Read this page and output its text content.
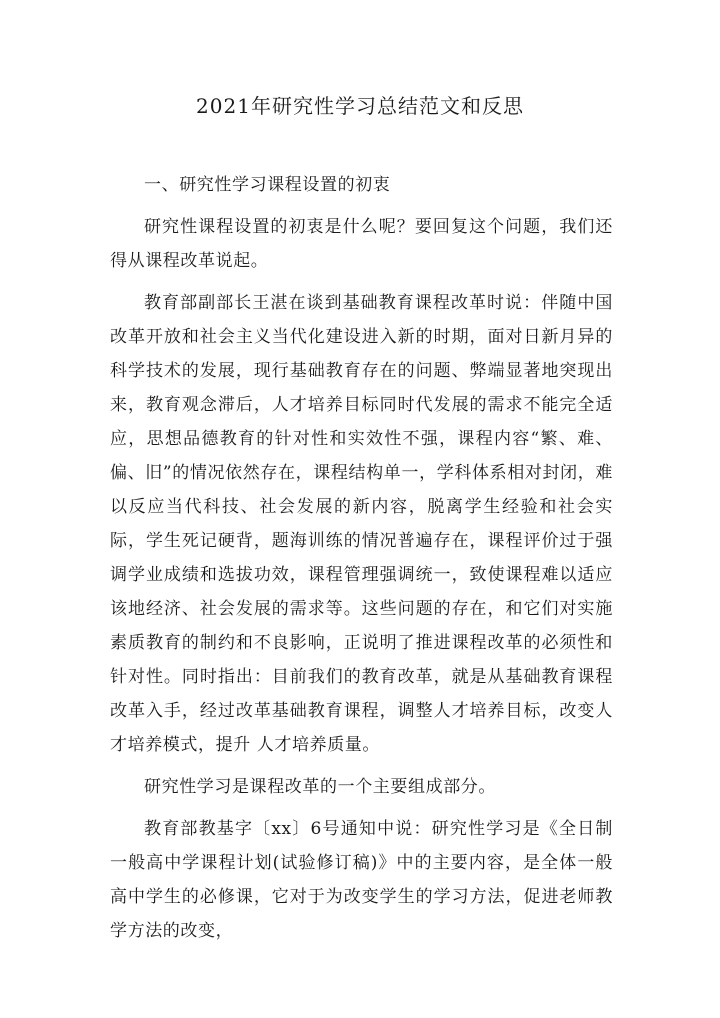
2021年研究性学习总结范文和反思

一、研究性学习课程设置的初衷

研究性课程设置的初衷是什么呢？要回复这个问题，我们还得从课程改革说起。

教育部副部长王湛在谈到基础教育课程改革时说：伴随中国改革开放和社会主义当代化建设进入新的时期，面对日新月异的科学技术的发展，现行基础教育存在的问题、弊端显著地突现出来，教育观念滞后，人才培养目标同时代发展的需求不能完全适应，思想品德教育的针对性和实效性不强，课程内容“繁、难、偏、旧”的情况依然存在，课程结构单一，学科体系相对封闭，难以反应当代科技、社会发展的新内容，脱离学生经验和社会实际，学生死记硬背，题海训练的情况普遍存在，课程评价过于强调学业成绩和选拔功效，课程管理强调统一，致使课程难以适应该地经济、社会发展的需求等。这些问题的存在，和它们对实施素质教育的制约和不良影响，正说明了推进课程改革的必须性和针对性。同时指出：目前我们的教育改革，就是从基础教育课程改革入手，经过改革基础教育课程，调整人才培养目标，改变人才培养模式，提升 人才培养质量。

研究性学习是课程改革的一个主要组成部分。

教育部教基字〔xx〕6号通知中说：研究性学习是《全日制一般高中学课程计划(试验修订稿)》中的主要内容，是全体一般高中学生的必修课，它对于为改变学生的学习方法，促进老师教学方法的改变，
